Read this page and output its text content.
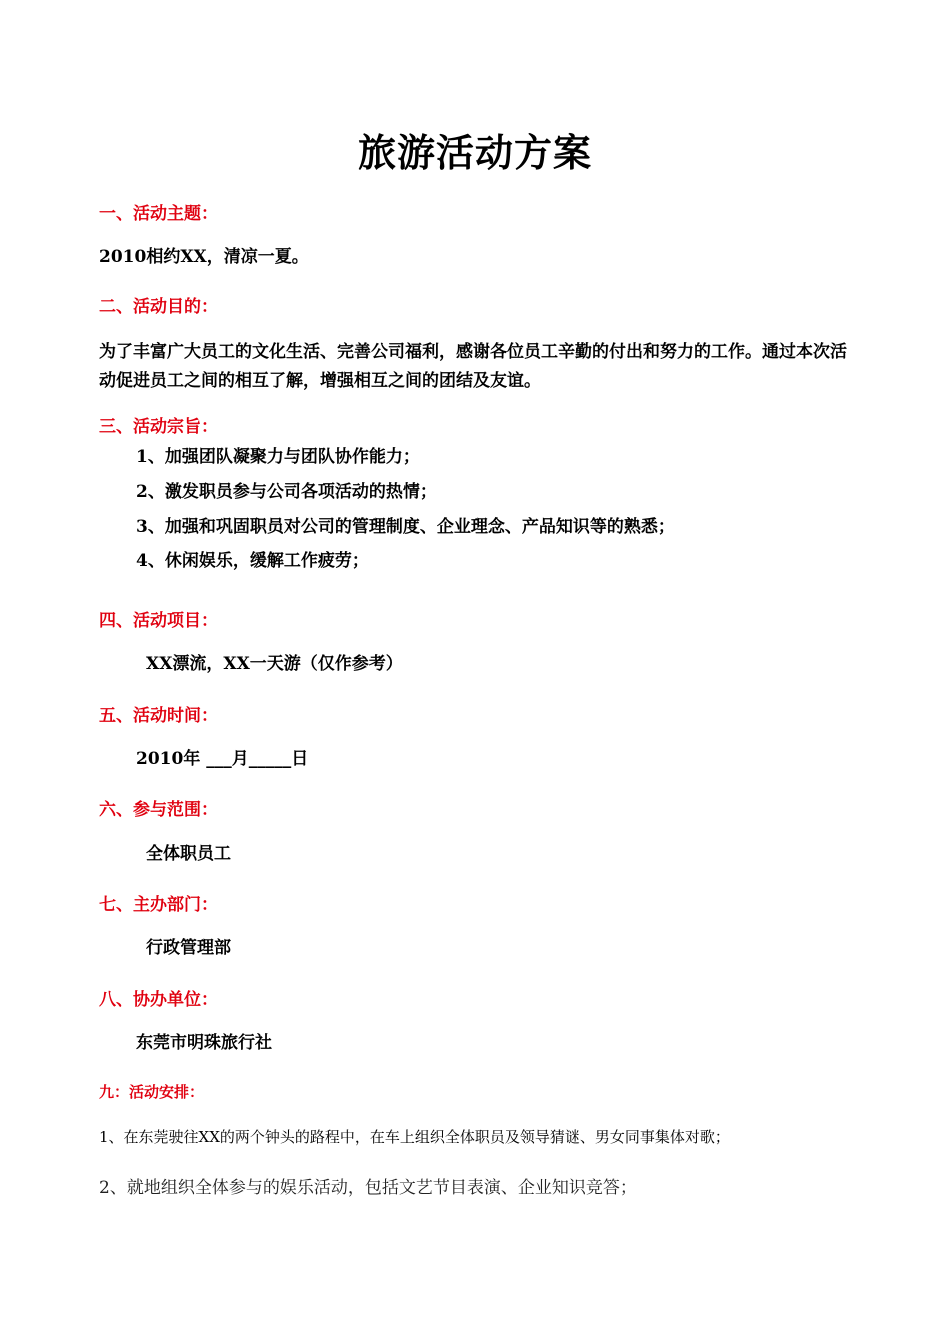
旅游活动方案
一、活动主题：
2010相约XX，清凉一夏。
二、活动目的：
为了丰富广大员工的文化生活、完善公司福利，感谢各位员工辛勤的付出和努力的工作。通过本次活动促进员工之间的相互了解，增强相互之间的团结及友谊。
三、活动宗旨：
1、加强团队凝聚力与团队协作能力；
2、激发职员参与公司各项活动的热情；
3、加强和巩固职员对公司的管理制度、企业理念、产品知识等的熟悉；
4、休闲娱乐，缓解工作疲劳；
四、活动项目：
XX漂流，XX一天游（仅作参考）
五、活动时间：
2010年 ___月_____日
六、参与范围：
全体职员工
七、主办部门：
行政管理部
八、协办单位：
东莞市明珠旅行社
九：活动安排：
1、在东莞驶往XX的两个钟头的路程中，在车上组织全体职员及领导猜谜、男女同事集体对歌；
2、就地组织全体参与的娱乐活动，包括文艺节目表演、企业知识竞答；
